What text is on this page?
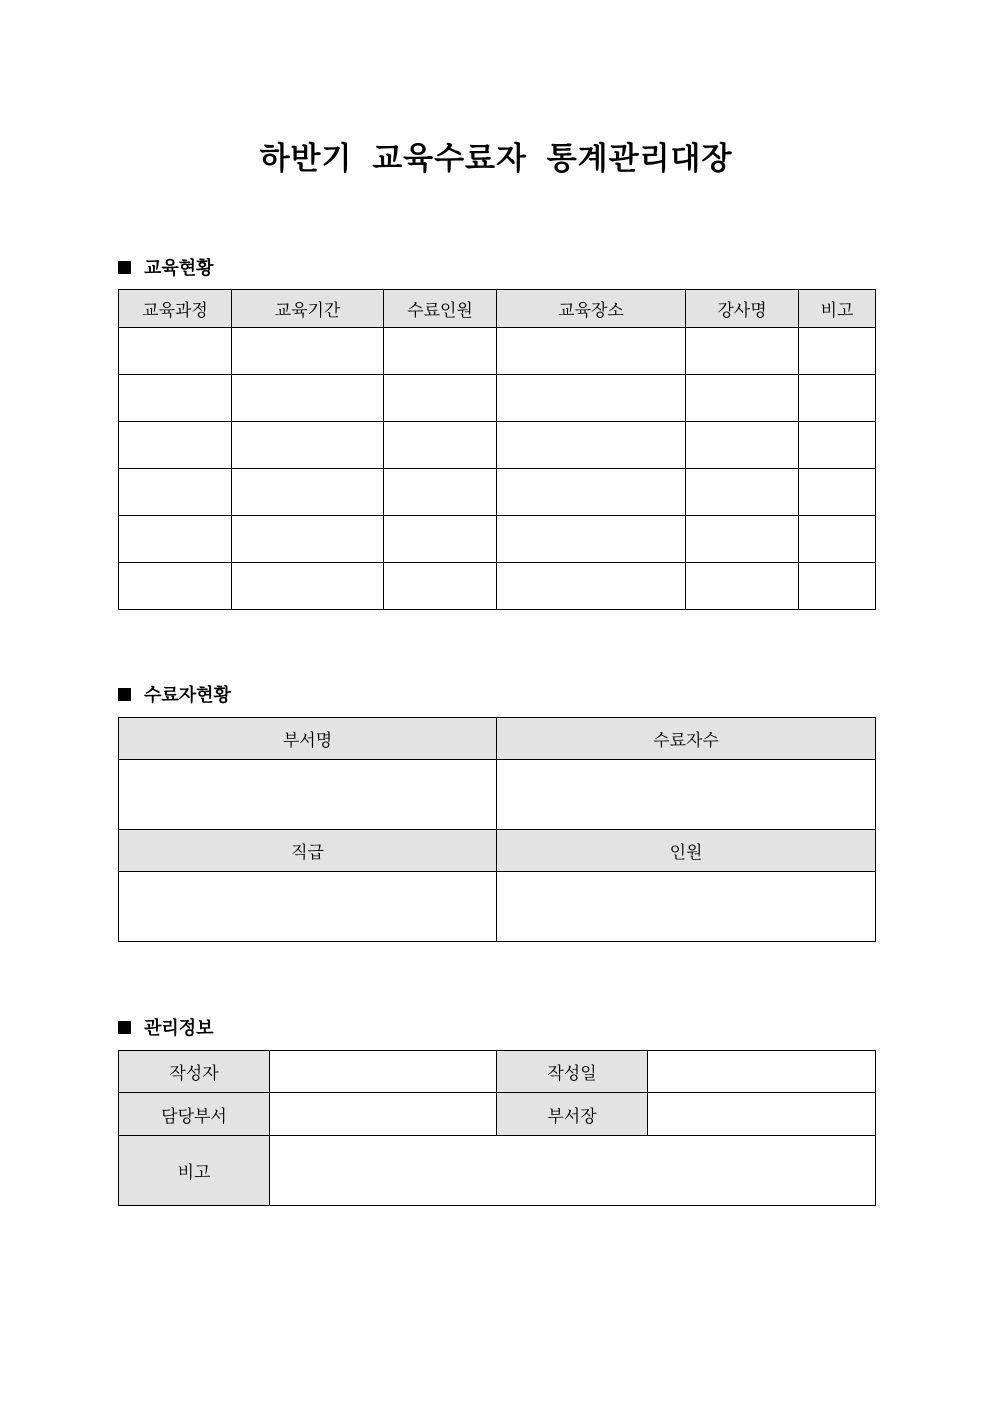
하반기 교육수료자 통계관리대장
교육현황
교육과정	교육기간	수료인원	교육장소	강사명	비고

수료자현황
부서명	수료자수

직급	인원

관리정보
작성자		작성일	
담당부서		부서장	
비고			
